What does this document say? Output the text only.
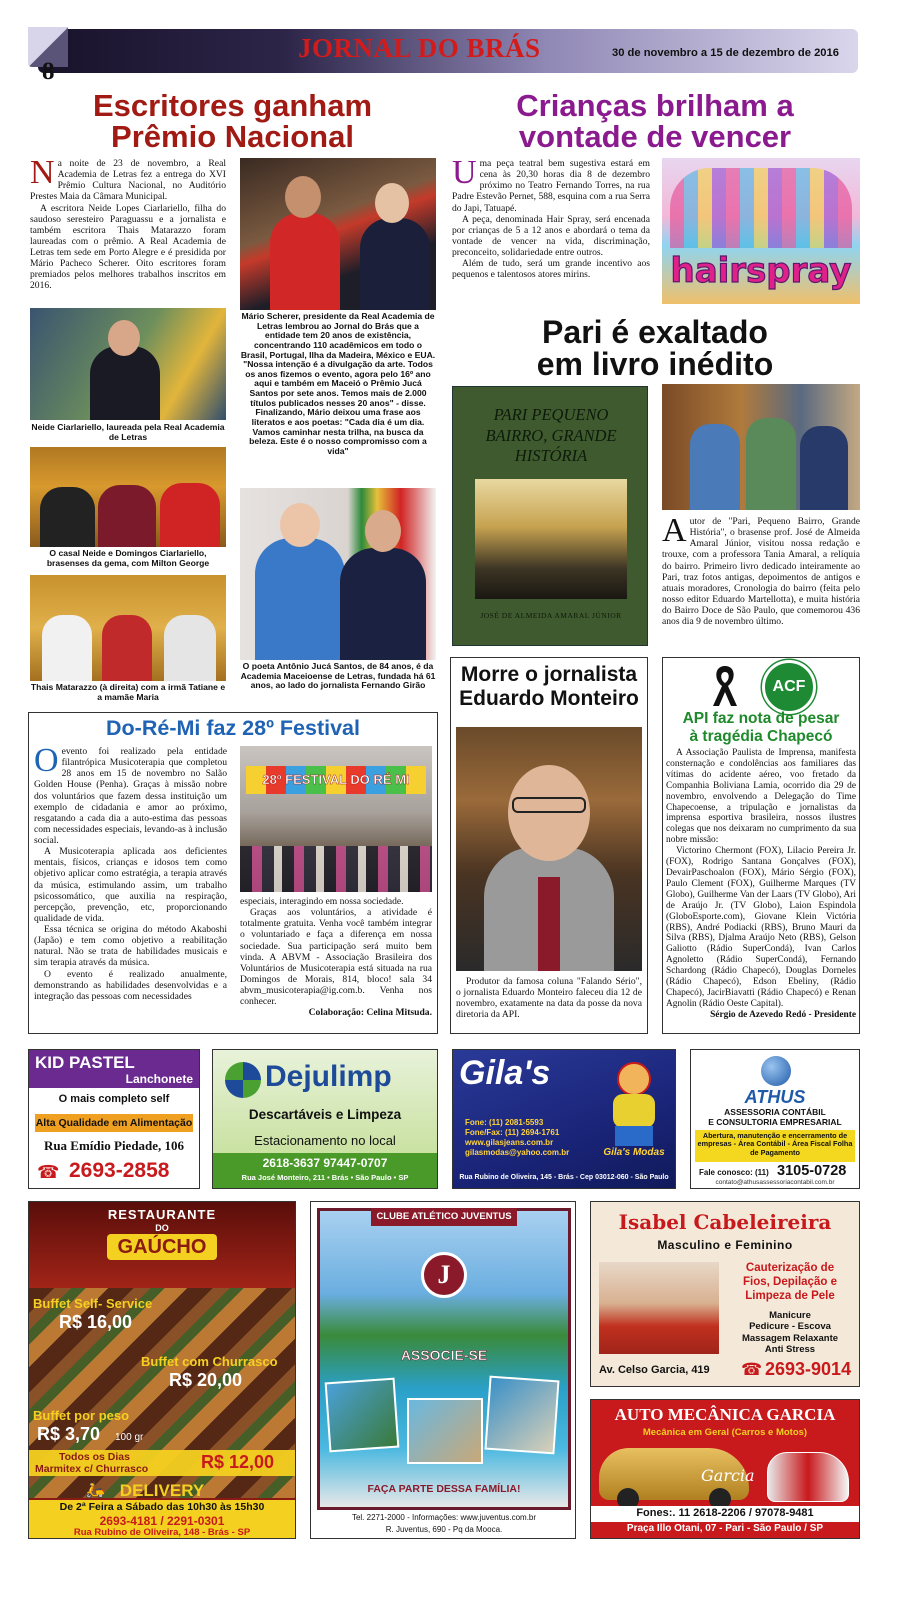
8
JORNAL DO BRÁS	30 de novembro a 15 de dezembro de 2016
Escritores ganham
Prêmio Nacional

Na noite de 23 de novembro, a Real Academia de Letras fez a entrega do XVI Prêmio Cultura Nacional, no Auditório Prestes Maia da Câmara Municipal.

A escritora Neide Lopes Ciarlariello, filha do saudoso seresteiro Paraguassu e a jornalista e também escritora Thais Matarazzo foram laureadas com o prêmio. A Real Academia de Letras tem sede em Porto Alegre e é presidida por Mário Pacheco Scherer. Oito escritores foram premiados pelos melhores trabalhos inscritos em 2016.

Mário Scherer, presidente da Real Academia de Letras lembrou ao Jornal do Brás que a entidade tem 20 anos de existência, concentrando 110 acadêmicos em todo o Brasil, Portugal, Ilha da Madeira, México e EUA. "Nossa intenção é a divulgação da arte. Todos os anos fizemos o evento, agora pelo 16º ano aqui e também em Maceió o Prêmio Jucá Santos por sete anos. Temos mais de 2.000 títulos publicados nesses 20 anos" - disse. Finalizando, Mário deixou uma frase aos literatos e aos poetas: "Cada dia é um dia. Vamos caminhar nesta trilha, na busca da beleza. Este é o nosso compromisso com a vida"
Neide Ciarlariello, laureada pela Real Academia de Letras
O casal Neide e Domingos Ciarlariello, brasenses da gema, com Milton George
Thais Matarazzo (à direita) com a irmã Tatiane e a mamãe Maria
O poeta Antônio Jucá Santos, de 84 anos, é da Academia Maceioense de Letras, fundada há 61 anos, ao lado do jornalista Fernando Girão
Crianças brilham a
vontade de vencer

Uma peça teatral bem sugestiva estará em cena às 20,30 horas dia 8 de dezembro próximo no Teatro Fernando Torres, na rua Padre Estevão Pernet, 588, esquina com a rua Serra do Japi, Tatuapé.

A peça, denominada Hair Spray, será encenada por crianças de 5 a 12 anos e abordará o tema da vontade de vencer na vida, discriminação, preconceito, solidariedade entre outros.

Além de tudo, será um grande incentivo aos pequenos e talentosos atores mirins.	hairspray
Pari é exaltado
em livro inédito
PARI PEQUENO BAIRRO, GRANDE HISTÓRIA
JOSÉ DE ALMEIDA AMARAL JÚNIOR

Autor de "Pari, Pequeno Bairro, Grande História", o brasense prof. José de Almeida Amaral Júnior, visitou nossa redação e trouxe, com a professora Tania Amaral, a relíquia do bairro. Primeiro livro dedicado inteiramente ao Pari, traz fotos antigas, depoimentos de antigos e atuais moradores, Cronologia do bairro (feita pelo nosso editor Eduardo Martellotta), e muita história do Bairro Doce de São Paulo, que comemorou 436 anos dia 9 de novembro último.

Do-Ré-Mi faz 28º Festival

Oevento foi realizado pela entidade filantrópica Musicoterapia que completou 28 anos em 15 de novembro no Salão Golden House (Penha). Graças à missão nobre dos voluntários que fazem dessa instituição um exemplo de cidadania e amor ao próximo, resgatando a cada dia a auto-estima das pessoas com necessidades especiais, levando-as à inclusão social.

A Musicoterapia aplicada aos deficientes mentais, físicos, crianças e idosos tem como objetivo aplicar como estratégia, a terapia através da música, estimulando assim, um trabalho psicossomático, que auxilia na respiração, percepção, prevenção, etc, proporcionando qualidade de vida.

Essa técnica se origina do método Akaboshi (Japão) e tem como objetivo a reabilitação natural. Não se trata de habilidades musicais e sim terapia através da música.

O evento é realizado anualmente, demonstrando as habilidades desenvolvidas e a integração das pessoas com necessidades

28º FESTIVAL DO RÉ MI

especiais, interagindo em nossa sociedade.

Graças aos voluntários, a atividade é totalmente gratuita. Venha você também integrar o voluntariado e faça a diferença em nossa sociedade. Sua participação será muito bem vinda. A ABVM - Associação Brasileira dos Voluntários de Musicoterapia está situada na rua Domingos de Morais, 814, bloco! sala 34 abvm_musicoterapia@ig.com.b. Venha nos conhecer.

Colaboração: Celina Mitsuda.

Morre o jornalista
Eduardo Monteiro

Produtor da famosa coluna "Falando Sério", o jornalista Eduardo Monteiro faleceu dia 12 de novembro, exatamente na data da posse da nova diretoria da API.

ACF
API faz nota de pesar
à tragédia Chapecó

A Associação Paulista de Imprensa, manifesta consternação e condolências aos familiares das vítimas do acidente aéreo, voo fretado da Companhia Boliviana Lamia, ocorrido dia 29 de novembro, envolvendo a Delegação do Time Chapecoense, a tripulação e jornalistas da imprensa esportiva brasileira, nossos ilustres colegas que nos deixaram no cumprimento da sua nobre missão:

Victorino Chermont (FOX), Lilacio Pereira Jr. (FOX), Rodrigo Santana Gonçalves (FOX), DevairPaschoalon (FOX), Mário Sérgio (FOX), Paulo Clement (FOX), Guilherme Marques (TV Globo), Guilherme Van der Laars (TV Globo), Ari de Araújo Jr. (TV Globo), Laion Espindola (GloboEsporte.com), Giovane Klein Victória (RBS), André Podiacki (RBS), Bruno Mauri da Silva (RBS), Djalma Araújo Neto (RBS), Gelson Galiotto (Rádio SuperCondá), Ivan Carlos Agnoletto (Rádio SuperCondá), Fernando Schardong (Rádio Chapecó), Douglas Dorneles (Rádio Chapecó), Edson Ebeliny, (Rádio Chapecó), JacirBiavatti (Rádio Chapecó) e Renan Agnolin (Rádio Oeste Capital).

Sérgio de Azevedo Redó - Presidente

KID PASTEL
Lanchonete
O mais completo self
Alta Qualidade em Alimentação
Rua Emídio Piedade, 106
☎ 2693-2858
Dejulimp
Descartáveis e Limpeza
Estacionamento no local
2618-3637 97447-0707
Rua José Monteiro, 211 • Brás • São Paulo • SP
Gila's
Fone: (11) 2081-5593
Fone/Fax: (11) 2694-1761
www.gilasjeans.com.br
gilasmodas@yahoo.com.br	Gila's Modas
Rua Rubino de Oliveira, 145 - Brás - Cep 03012-060 - São Paulo
ATHUS
ASSESSORIA CONTÁBIL
E CONSULTORIA EMPRESARIAL
Abertura, manutenção e encerramento de empresas - Área Contábil - Área Fiscal Folha de Pagamento
Fale conosco: (11) 3105-0728
contato@athusassessoriacontabil.com.br
RESTAURANTE
DO
GAÚCHO
Buffet Self- Service
R$ 16,00
Buffet com Churrasco
R$ 20,00
Buffet por peso
R$ 3,70 100 gr
Todos os Dias
Marmitex c/ Churrasco	R$ 12,00
🛵 DELIVERY
De 2ª Feira a Sábado das 10h30 às 15h30
2693-4181 / 2291-0301
Rua Rubino de Oliveira, 148 - Brás - SP
CLUBE ATLÉTICO JUVENTUS
J
ASSOCIE-SE
FAÇA PARTE DESSA FAMÍLIA!
Tel. 2271-2000 - Informações: www.juventus.com.br
R. Juventus, 690 - Pq da Mooca.
Isabel Cabeleireira
Masculino e Feminino
Cauterização de
Fios, Depilação e
Limpeza de Pele
Manicure
Pedicure - Escova
Massagem Relaxante
Anti Stress
Av. Celso Garcia, 419 ☎ 2693-9014
AUTO MECÂNICA GARCIA
Mecânica em Geral (Carros e Motos)
Garcia
Fones:. 11 2618-2206 / 97078-9481
Praça Illo Otani, 07 - Pari - São Paulo / SP
